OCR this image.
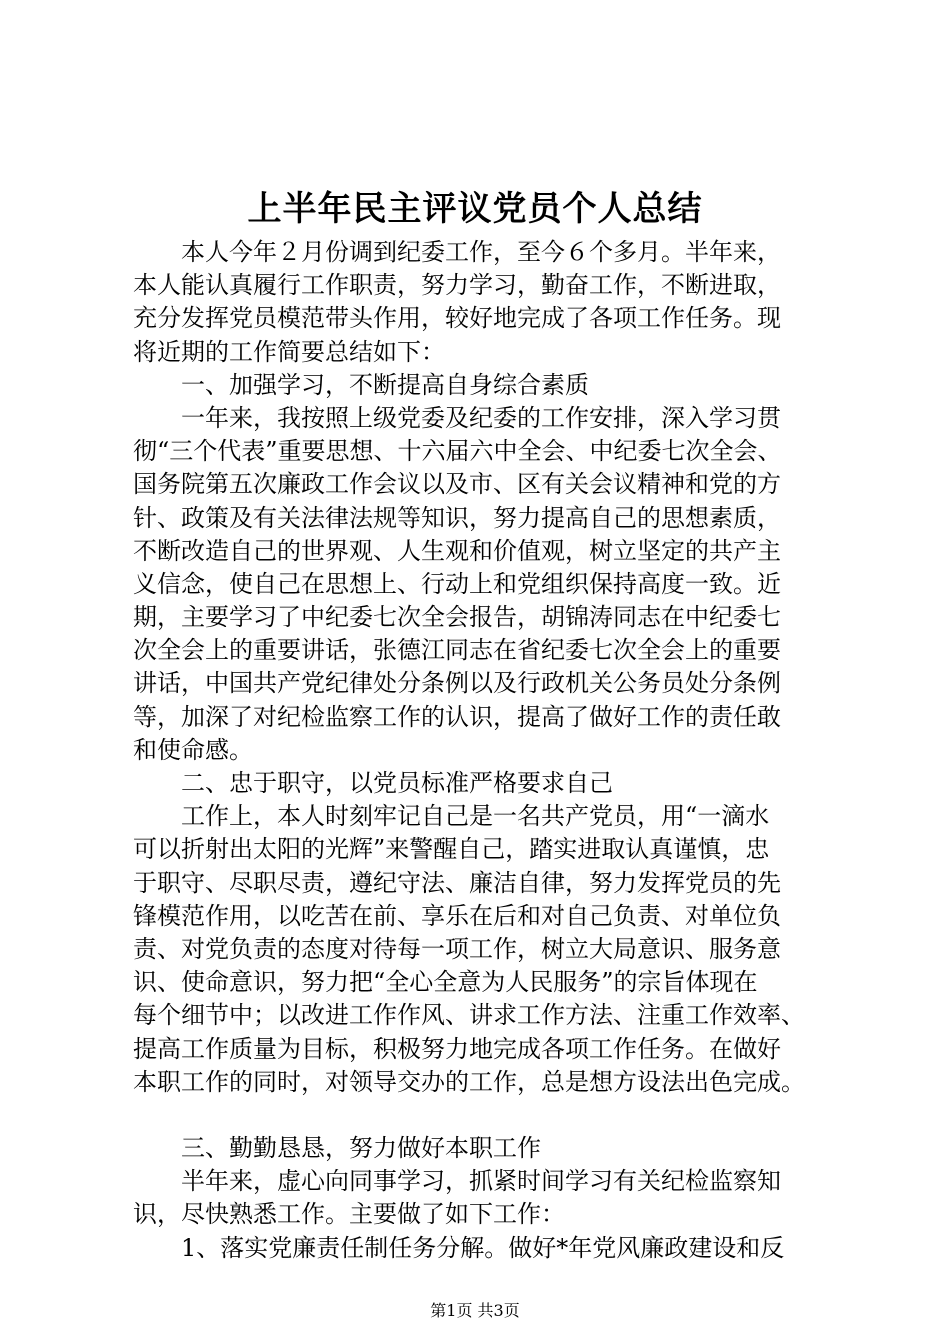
上半年民主评议党员个人总结
　　本人今年２月份调到纪委工作，至今６个多月。半年来，
本人能认真履行工作职责，努力学习，勤奋工作，不断进取，
充分发挥党员模范带头作用，较好地完成了各项工作任务。现
将近期的工作简要总结如下：
　　一、加强学习，不断提高自身综合素质
　　一年来，我按照上级党委及纪委的工作安排，深入学习贯
彻“三个代表”重要思想、十六届六中全会、中纪委七次全会、
国务院第五次廉政工作会议以及市、区有关会议精神和党的方
针、政策及有关法律法规等知识，努力提高自己的思想素质，
不断改造自己的世界观、人生观和价值观，树立坚定的共产主
义信念，使自己在思想上、行动上和党组织保持高度一致。近
期，主要学习了中纪委七次全会报告，胡锦涛同志在中纪委七
次全会上的重要讲话，张德江同志在省纪委七次全会上的重要
讲话，中国共产党纪律处分条例以及行政机关公务员处分条例
等，加深了对纪检监察工作的认识，提高了做好工作的责任敢
和使命感。
　　二、忠于职守，以党员标准严格要求自己
　　工作上，本人时刻牢记自己是一名共产党员，用“一滴水
可以折射出太阳的光辉”来警醒自己，踏实进取认真谨慎，忠
于职守、尽职尽责，遵纪守法、廉洁自律，努力发挥党员的先
锋模范作用，以吃苦在前、享乐在后和对自己负责、对单位负
责、对党负责的态度对待每一项工作，树立大局意识、服务意
识、使命意识，努力把“全心全意为人民服务”的宗旨体现在
每个细节中；以改进工作作风、讲求工作方法、注重工作效率、
提高工作质量为目标，积极努力地完成各项工作任务。在做好
本职工作的同时，对领导交办的工作，总是想方设法出色完成。
　　三、勤勤恳恳，努力做好本职工作
　　半年来，虚心向同事学习，抓紧时间学习有关纪检监察知
识，尽快熟悉工作。主要做了如下工作：
　　1、落实党廉责任制任务分解。做好*年党风廉政建设和反
第1页 共3页
